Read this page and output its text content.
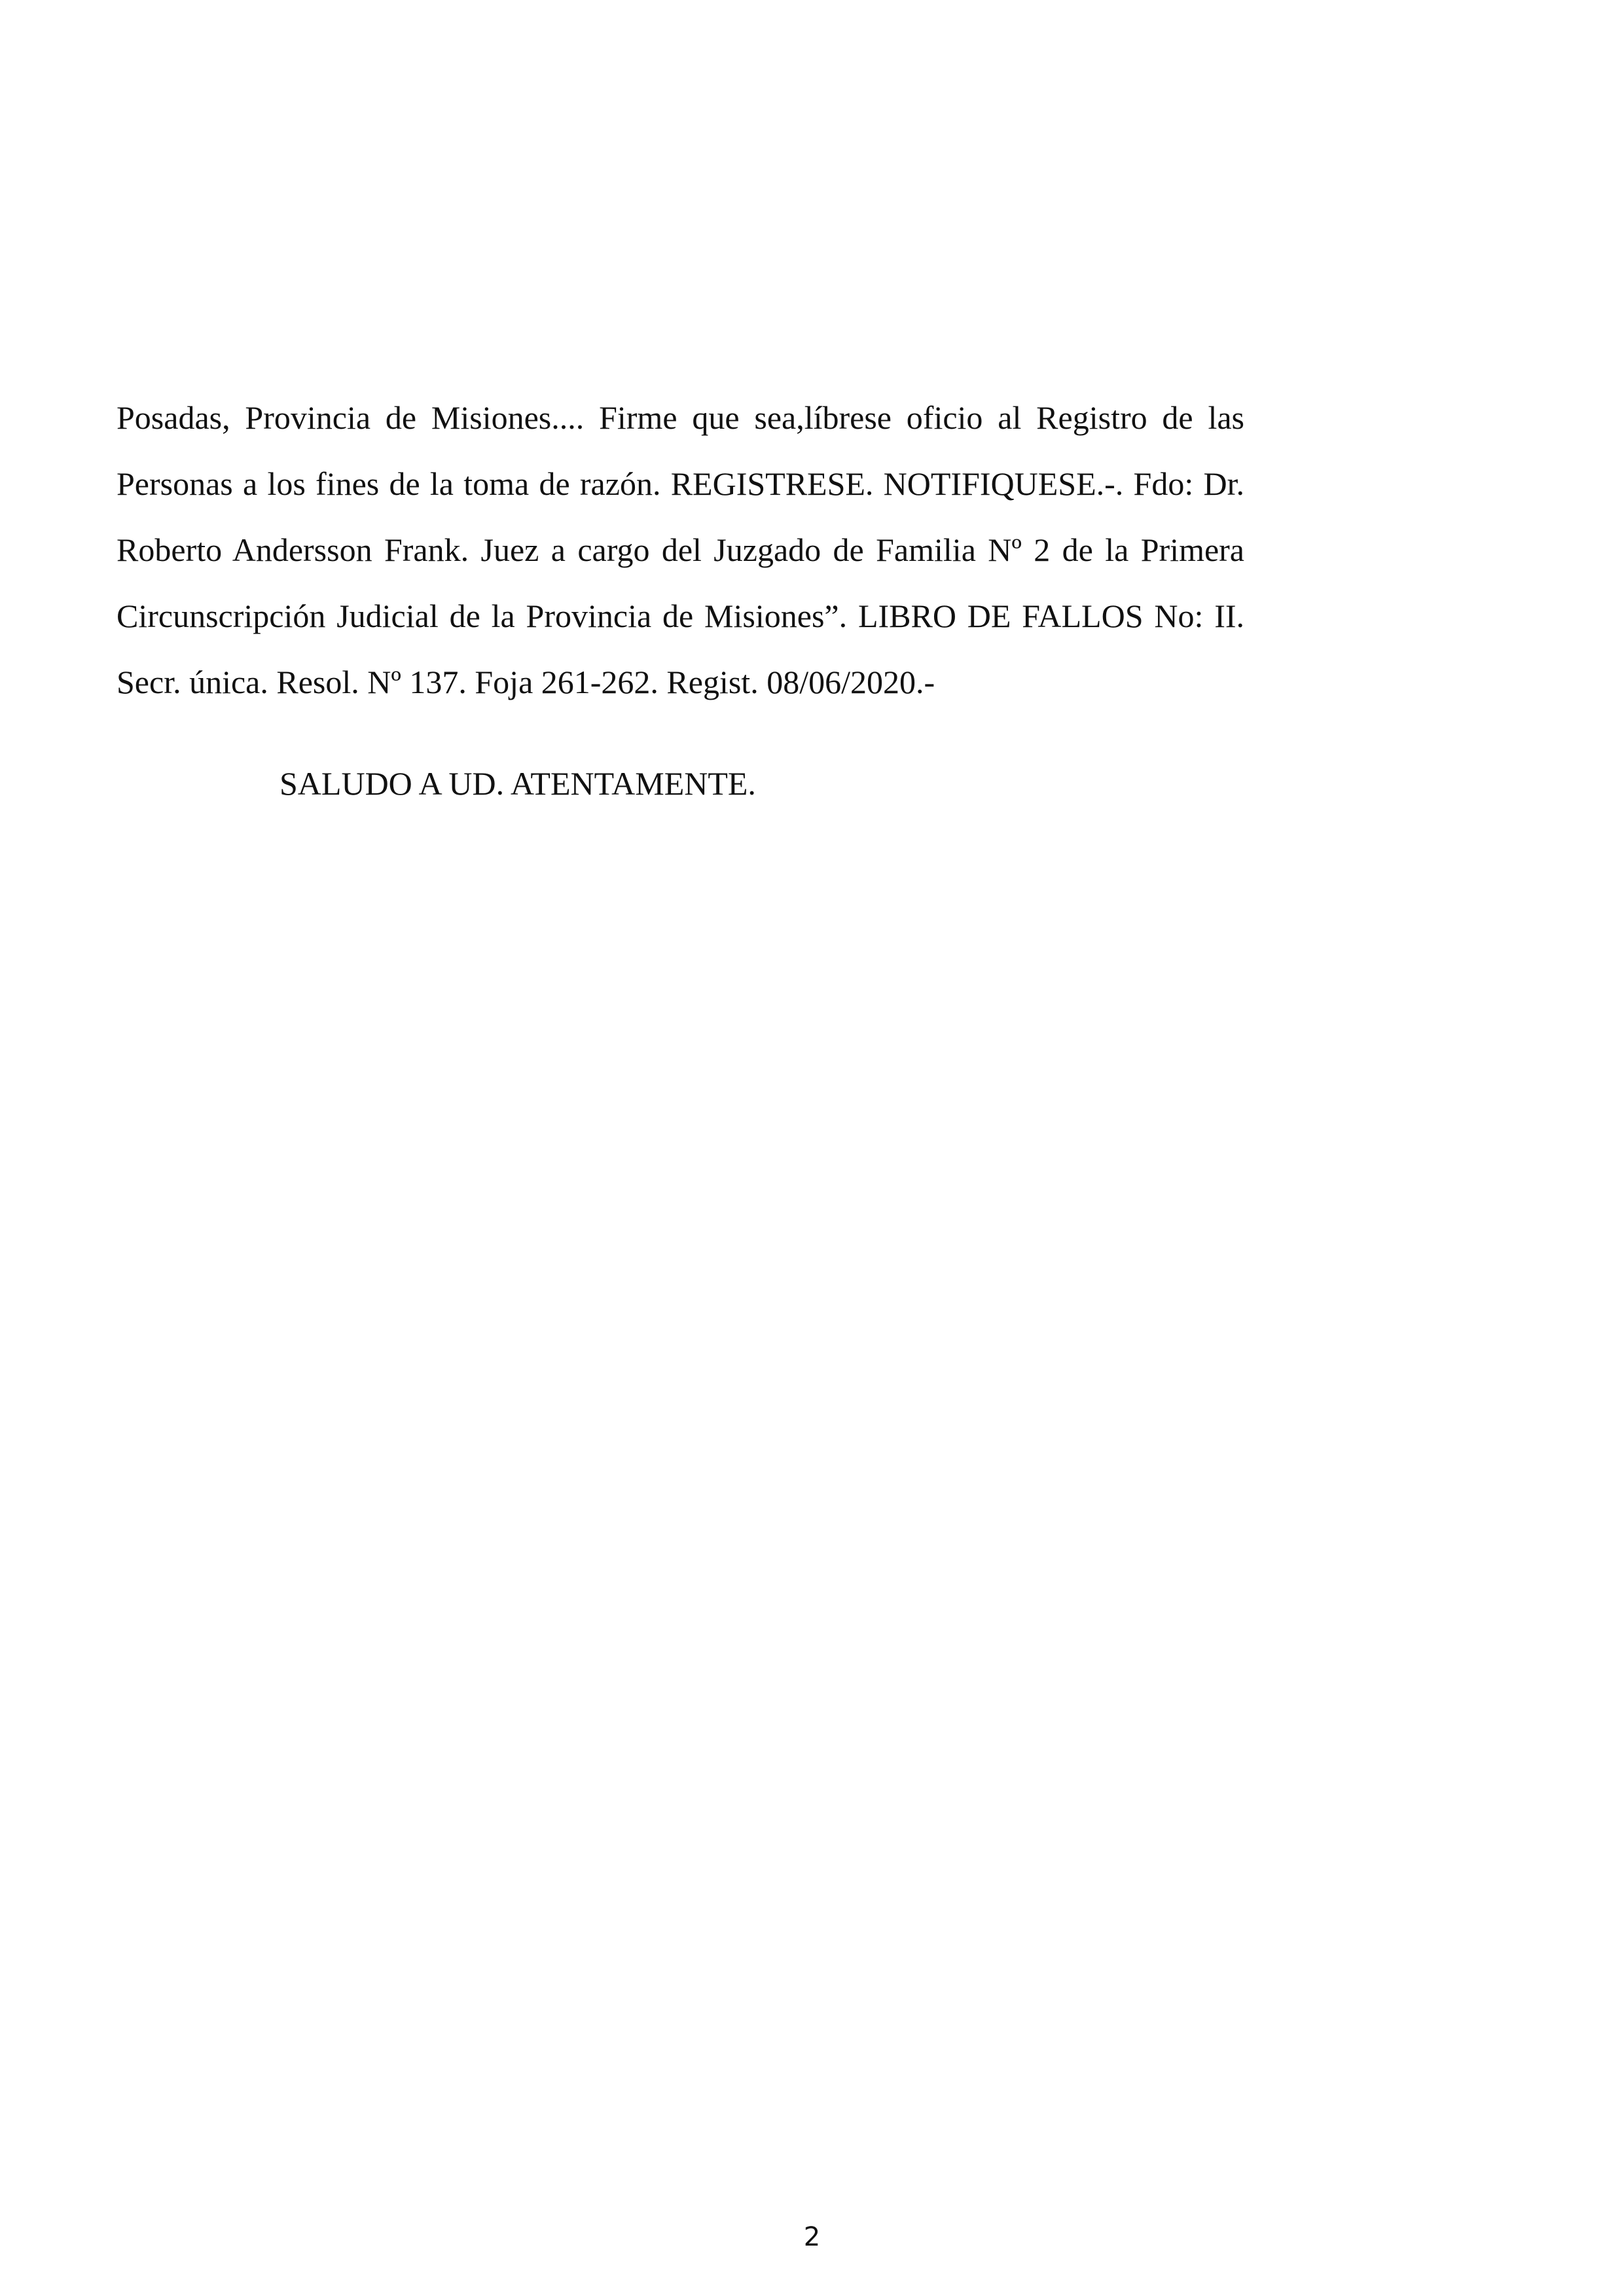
Posadas, Provincia de Misiones.... Firme que sea,líbrese oficio al Registro de las
Personas a los fines de la toma de razón. REGISTRESE. NOTIFIQUESE.-. Fdo: Dr.
Roberto Andersson Frank. Juez a cargo del Juzgado de Familia Nº 2 de la Primera
Circunscripción Judicial de la Provincia de Misiones”. LIBRO DE FALLOS No: II.
Secr. única. Resol. Nº 137. Foja 261-262. Regist. 08/06/2020.-
SALUDO A UD. ATENTAMENTE.
2
